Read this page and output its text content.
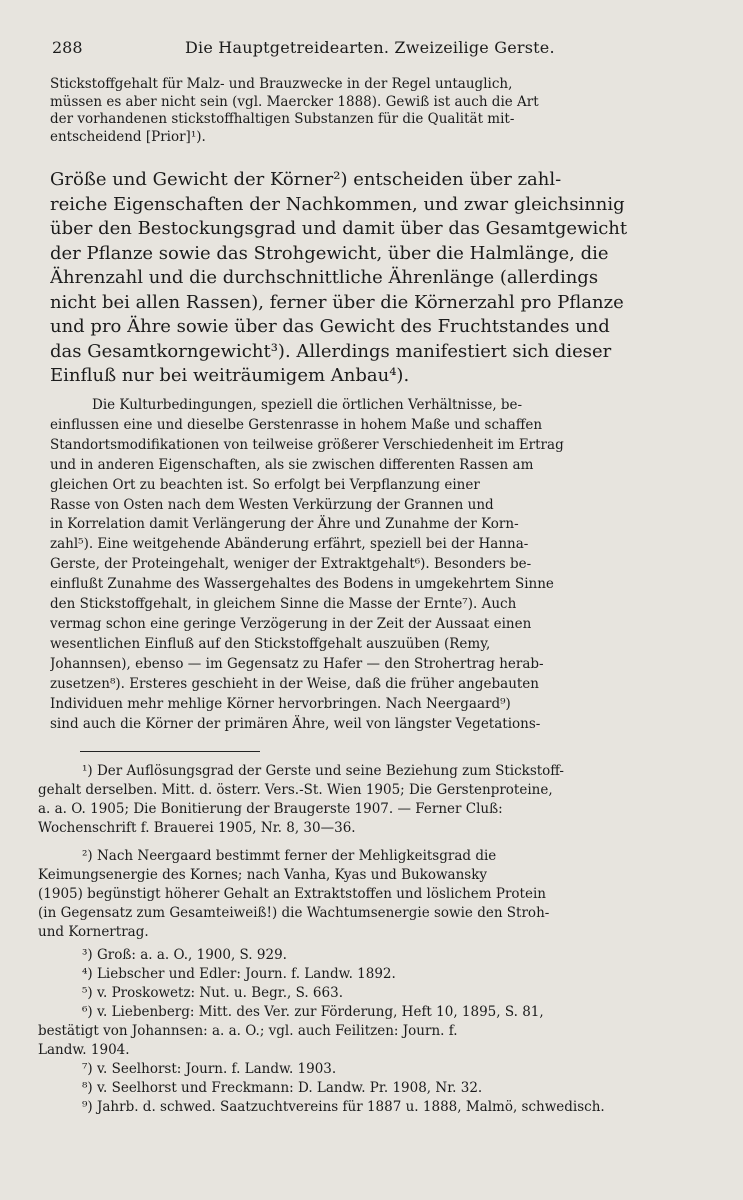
288	Die Hauptgetreidearten. Zweizeilige Gerste.
Stickstoffgehalt für Malz- und Brauzwecke in der Regel untauglich,
müssen es aber nicht sein (vgl. Maercker 1888). Gewiß ist auch die Art
der vorhandenen stickstoffhaltigen Substanzen für die Qualität mit-
entscheidend [Prior]¹).
Größe und Gewicht der Körner²) entscheiden über zahl-
reiche Eigenschaften der Nachkommen, und zwar gleichsinnig
über den Bestockungsgrad und damit über das Gesamtgewicht
der Pflanze sowie das Strohgewicht, über die Halmlänge, die
Ährenzahl und die durchschnittliche Ährenlänge (allerdings
nicht bei allen Rassen), ferner über die Körnerzahl pro Pflanze
und pro Ähre sowie über das Gewicht des Fruchtstandes und
das Gesamtkorngewicht³). Allerdings manifestiert sich dieser
Einfluß nur bei weiträumigem Anbau⁴).
Die Kulturbedingungen, speziell die örtlichen Verhältnisse, be-
einflussen eine und dieselbe Gerstenrasse in hohem Maße und schaffen
Standortsmodifikationen von teilweise größerer Verschiedenheit im Ertrag
und in anderen Eigenschaften, als sie zwischen differenten Rassen am
gleichen Ort zu beachten ist. So erfolgt bei Verpflanzung einer
Rasse von Osten nach dem Westen Verkürzung der Grannen und
in Korrelation damit Verlängerung der Ähre und Zunahme der Korn-
zahl⁵). Eine weitgehende Abänderung erfährt, speziell bei der Hanna-
Gerste, der Proteingehalt, weniger der Extraktgehalt⁶). Besonders be-
einflußt Zunahme des Wassergehaltes des Bodens in umgekehrtem Sinne
den Stickstoffgehalt, in gleichem Sinne die Masse der Ernte⁷). Auch
vermag schon eine geringe Verzögerung in der Zeit der Aussaat einen
wesentlichen Einfluß auf den Stickstoffgehalt auszuüben (Remy,
Johannsen), ebenso — im Gegensatz zu Hafer — den Strohertrag herab-
zusetzen⁸). Ersteres geschieht in der Weise, daß die früher angebauten
Individuen mehr mehlige Körner hervorbringen. Nach Neergaard⁹)
sind auch die Körner der primären Ähre, weil von längster Vegetations-
¹) Der Auflösungsgrad der Gerste und seine Beziehung zum Stickstoff-
gehalt derselben. Mitt. d. österr. Vers.-St. Wien 1905; Die Gerstenproteine,
a. a. O. 1905; Die Bonitierung der Braugerste 1907. — Ferner Cluß:
Wochenschrift f. Brauerei 1905, Nr. 8, 30—36.
²) Nach Neergaard bestimmt ferner der Mehligkeitsgrad die
Keimungsenergie des Kornes; nach Vanha, Kyas und Bukowansky
(1905) begünstigt höherer Gehalt an Extraktstoffen und löslichem Protein
(in Gegensatz zum Gesamteiweiß!) die Wachtumsenergie sowie den Stroh-
und Kornertrag.
³) Groß: a. a. O., 1900, S. 929.
⁴) Liebscher und Edler: Journ. f. Landw. 1892.
⁵) v. Proskowetz: Nut. u. Begr., S. 663.
⁶) v. Liebenberg: Mitt. des Ver. zur Förderung, Heft 10, 1895, S. 81,
bestätigt von Johannsen: a. a. O.; vgl. auch Feilitzen: Journ. f.
Landw. 1904.
⁷) v. Seelhorst: Journ. f. Landw. 1903.
⁸) v. Seelhorst und Freckmann: D. Landw. Pr. 1908, Nr. 32.
⁹) Jahrb. d. schwed. Saatzuchtvereins für 1887 u. 1888, Malmö, schwedisch.
